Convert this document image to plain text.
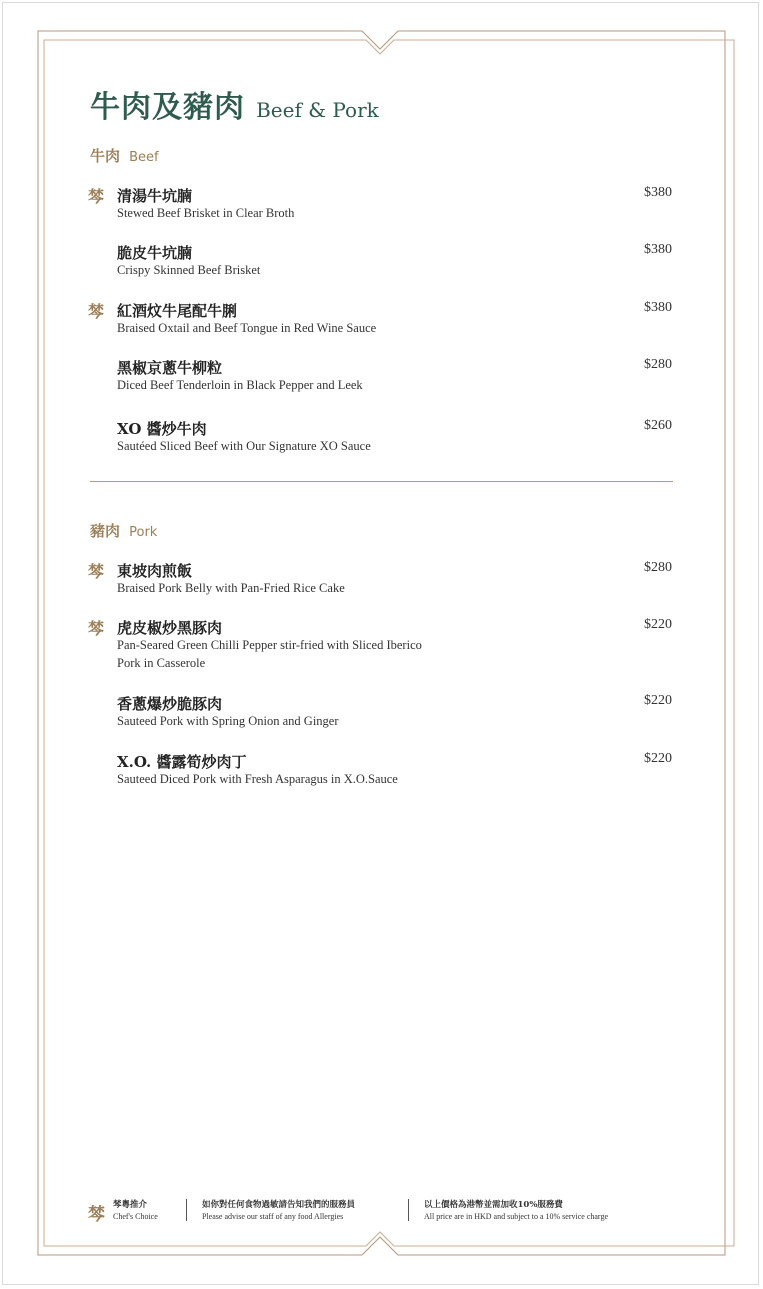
牛肉及豬肉 Beef & Pork
牛肉 Beef
棽 清湯牛坑腩
Stewed Beef Brisket in Clear Broth
$380
脆皮牛坑腩
Crispy Skinned Beef Brisket
$380
棽 紅酒炆牛尾配牛脷
Braised Oxtail and Beef Tongue in Red Wine Sauce
$380
黑椒京蔥牛柳粒
Diced Beef Tenderloin in Black Pepper and Leek
$280
XO 醬炒牛肉
Sautéed Sliced Beef with Our Signature XO Sauce
$260
豬肉 Pork
棽 東坡肉煎飯
Braised Pork Belly with Pan-Fried Rice Cake
$280
棽 虎皮椒炒黑豚肉
Pan-Seared Green Chilli Pepper stir-fried with Sliced Iberico Pork in Casserole
$220
香蔥爆炒脆豚肉
Sauteed Pork with Spring Onion and Ginger
$220
X.O. 醬露筍炒肉丁
Sauteed Diced Pork with Fresh Asparagus in X.O.Sauce
$220
棽 棽粵推介
Chef's Choice
如你對任何食物過敏請告知我們的服務員
Please advise our staff of any food Allergies
以上價格為港幣並需加收10%服務費
All price are in HKD and subject to a 10% service charge
